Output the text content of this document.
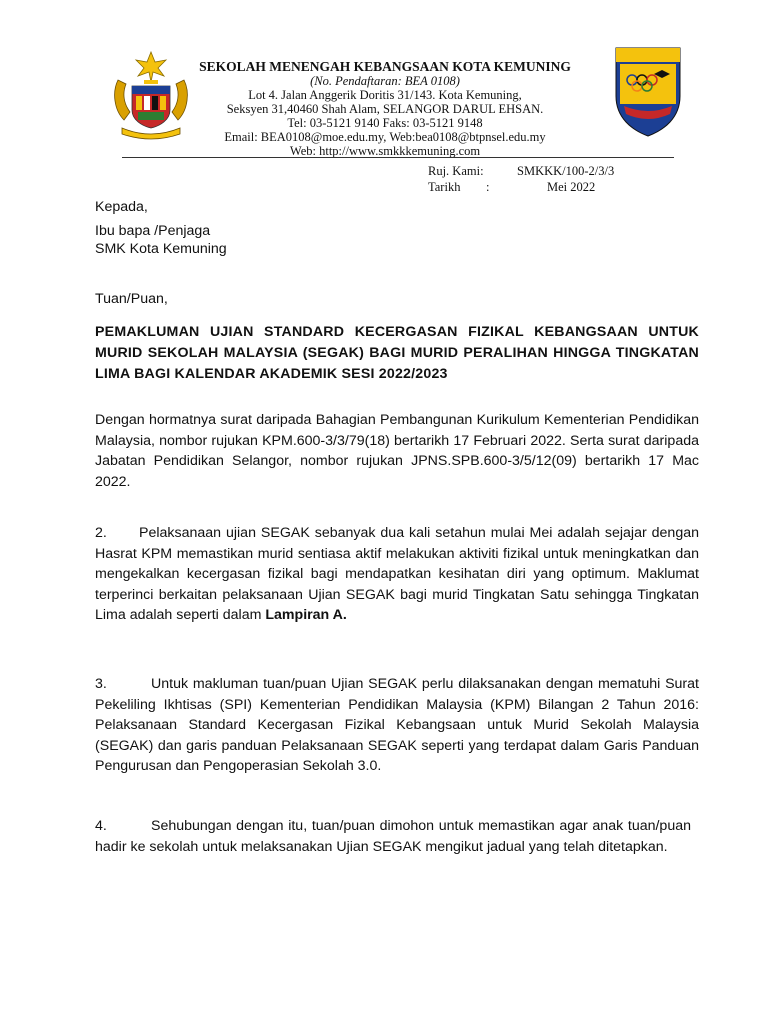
SEKOLAH MENENGAH KEBANGSAAN KOTA KEMUNING
(No. Pendaftaran: BEA 0108)
Lot 4. Jalan Anggerik Doritis 31/143. Kota Kemuning,
Seksyen 31,40460 Shah Alam, SELANGOR DARUL EHSAN.
Tel: 03-5121 9140 Faks: 03-5121 9148
Email: BEA0108@moe.edu.my, Web:bea0108@btpnsel.edu.my
Web: http://www.smkkkemuning.com
Ruj. Kami:	SMKKK/100-2/3/3
Tarikh :	Mei 2022
Kepada,
Ibu bapa /Penjaga
SMK Kota Kemuning
Tuan/Puan,
PEMAKLUMAN UJIAN STANDARD KECERGASAN FIZIKAL KEBANGSAAN UNTUK MURID SEKOLAH MALAYSIA (SEGAK) BAGI MURID PERALIHAN HINGGA TINGKATAN LIMA BAGI KALENDAR AKADEMIK SESI 2022/2023
Dengan hormatnya surat daripada Bahagian Pembangunan Kurikulum Kementerian Pendidikan Malaysia, nombor rujukan KPM.600-3/3/79(18) bertarikh 17 Februari 2022. Serta surat daripada Jabatan Pendidikan Selangor, nombor rujukan JPNS.SPB.600-3/5/12(09) bertarikh 17 Mac 2022.
2. Pelaksanaan ujian SEGAK sebanyak dua kali setahun mulai Mei adalah sejajar dengan Hasrat KPM memastikan murid sentiasa aktif melakukan aktiviti fizikal untuk meningkatkan dan mengekalkan kecergasan fizikal bagi mendapatkan kesihatan diri yang optimum. Maklumat terperinci berkaitan pelaksanaan Ujian SEGAK bagi murid Tingkatan Satu sehingga Tingkatan Lima adalah seperti dalam Lampiran A.
3.	Untuk makluman tuan/puan Ujian SEGAK perlu dilaksanakan dengan mematuhi Surat Pekeliling Ikhtisas (SPI) Kementerian Pendidikan Malaysia (KPM) Bilangan 2 Tahun 2016: Pelaksanaan Standard Kecergasan Fizikal Kebangsaan untuk Murid Sekolah Malaysia (SEGAK) dan garis panduan Pelaksanaan SEGAK seperti yang terdapat dalam Garis Panduan Pengurusan dan Pengoperasian Sekolah 3.0.
4.	Sehubungan dengan itu, tuan/puan dimohon untuk memastikan agar anak tuan/puan hadir ke sekolah untuk melaksanakan Ujian SEGAK mengikut jadual yang telah ditetapkan.
